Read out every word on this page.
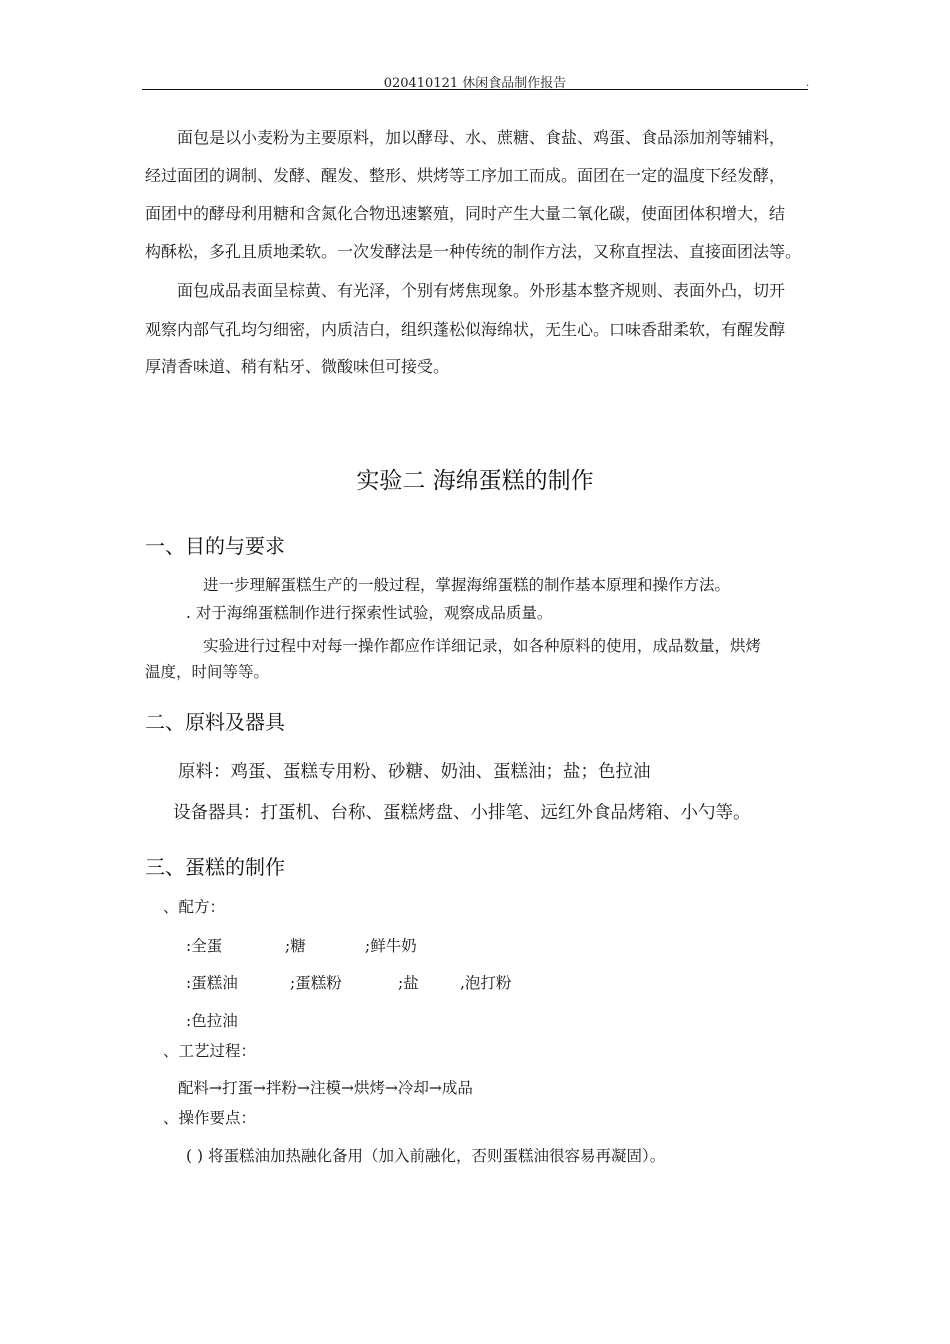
020410121 休闲食品制作报告	.
面包是以小麦粉为主要原料，加以酵母、水、蔗糖、食盐、鸡蛋、食品添加剂等辅料，
经过面团的调制、发酵、醒发、整形、烘烤等工序加工而成。面团在一定的温度下经发酵，
面团中的酵母利用糖和含氮化合物迅速繁殖，同时产生大量二氧化碳，使面团体积增大，结
构酥松，多孔且质地柔软。一次发酵法是一种传统的制作方法，又称直捏法、直接面团法等。
面包成品表面呈棕黄、有光泽，个别有烤焦现象。外形基本整齐规则、表面外凸，切开
观察内部气孔均匀细密，内质洁白，组织蓬松似海绵状，无生心。口味香甜柔软，有醒发醇
厚清香味道、稍有粘牙、微酸味但可接受。
实验二 海绵蛋糕的制作
一、目的与要求
进一步理解蛋糕生产的一般过程，掌握海绵蛋糕的制作基本原理和操作方法。
. 对于海绵蛋糕制作进行探索性试验，观察成品质量。
实验进行过程中对每一操作都应作详细记录，如各种原料的使用，成品数量，烘烤
温度，时间等等。
二、原料及器具
原料：鸡蛋、蛋糕专用粉、砂糖、奶油、蛋糕油；盐；色拉油
设备器具：打蛋机、台称、蛋糕烤盘、小排笔、远红外食品烤箱、小勺等。
三、蛋糕的制作
、配方：
:全蛋	;糖	;鲜牛奶
:蛋糕油	;蛋糕粉	;盐	,泡打粉
:色拉油
、工艺过程：
配料→打蛋→拌粉→注模→烘烤→冷却→成品
、操作要点：
( ) 将蛋糕油加热融化备用（加入前融化，否则蛋糕油很容易再凝固）。
